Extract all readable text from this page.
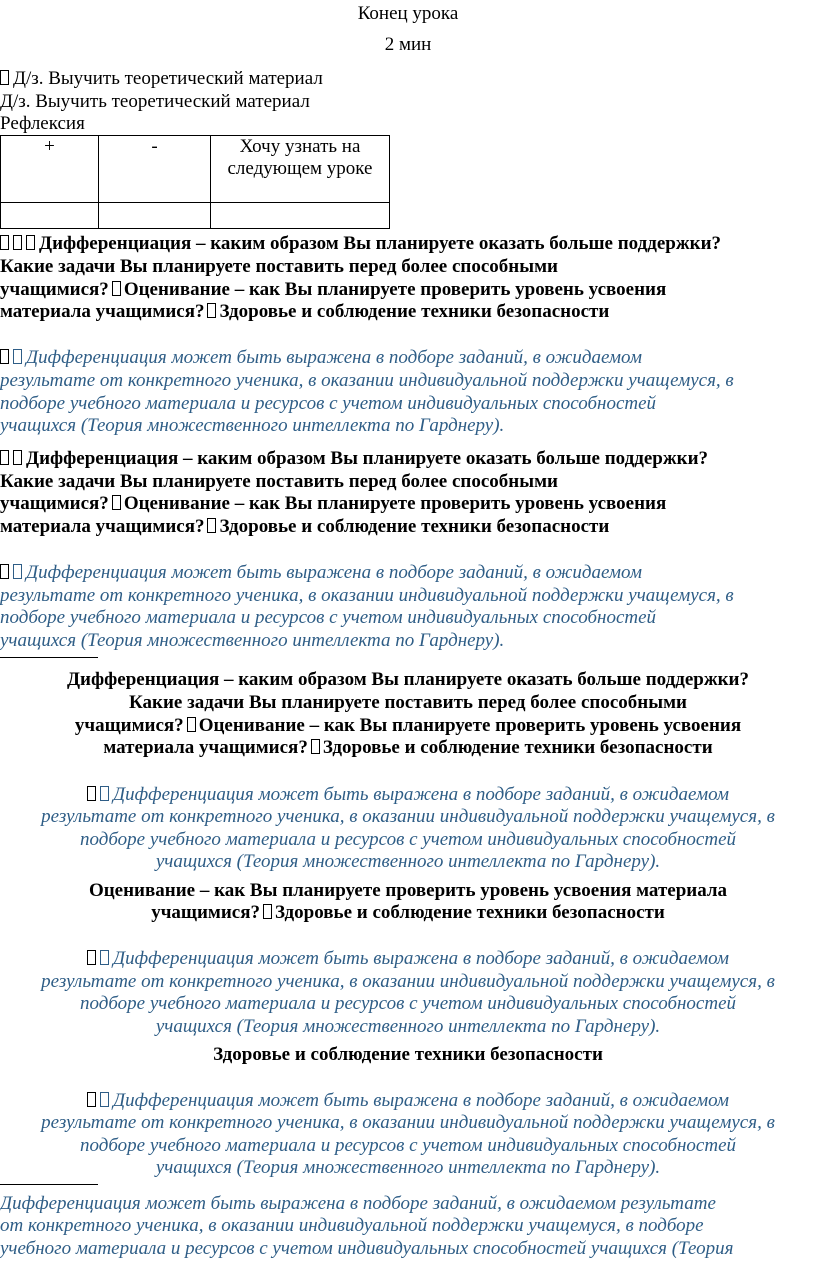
Конец урока
2 мин
Д/з. Выучить теоретический материал
Д/з. Выучить теоретический материал
Рефлексия
+	-	Хочу узнать на следующем уроке

Дифференциация – каким образом Вы планируете оказать больше поддержки?
Какие задачи Вы планируете поставить перед более способными
учащимися? Оценивание – как Вы планируете проверить уровень усвоения
материала учащимися? Здоровье и соблюдение техники безопасности
Дифференциация может быть выражена в подборе заданий, в ожидаемом
результате от конкретного ученика, в оказании индивидуальной поддержки учащемуся, в
подборе учебного материала и ресурсов с учетом индивидуальных способностей
учащихся (Теория множественного интеллекта по Гарднеру).
Дифференциация – каким образом Вы планируете оказать больше поддержки?
Какие задачи Вы планируете поставить перед более способными
учащимися? Оценивание – как Вы планируете проверить уровень усвоения
материала учащимися? Здоровье и соблюдение техники безопасности
Дифференциация может быть выражена в подборе заданий, в ожидаемом
результате от конкретного ученика, в оказании индивидуальной поддержки учащемуся, в
подборе учебного материала и ресурсов с учетом индивидуальных способностей
учащихся (Теория множественного интеллекта по Гарднеру).
Дифференциация – каким образом Вы планируете оказать больше поддержки?
Какие задачи Вы планируете поставить перед более способными
учащимися? Оценивание – как Вы планируете проверить уровень усвоения
материала учащимися? Здоровье и соблюдение техники безопасности
Дифференциация может быть выражена в подборе заданий, в ожидаемом
результате от конкретного ученика, в оказании индивидуальной поддержки учащемуся, в
подборе учебного материала и ресурсов с учетом индивидуальных способностей
учащихся (Теория множественного интеллекта по Гарднеру).
Оценивание – как Вы планируете проверить уровень усвоения материала
учащимися? Здоровье и соблюдение техники безопасности
Дифференциация может быть выражена в подборе заданий, в ожидаемом
результате от конкретного ученика, в оказании индивидуальной поддержки учащемуся, в
подборе учебного материала и ресурсов с учетом индивидуальных способностей
учащихся (Теория множественного интеллекта по Гарднеру).
Здоровье и соблюдение техники безопасности
Дифференциация может быть выражена в подборе заданий, в ожидаемом
результате от конкретного ученика, в оказании индивидуальной поддержки учащемуся, в
подборе учебного материала и ресурсов с учетом индивидуальных способностей
учащихся (Теория множественного интеллекта по Гарднеру).
Дифференциация может быть выражена в подборе заданий, в ожидаемом результате
от конкретного ученика, в оказании индивидуальной поддержки учащемуся, в подборе
учебного материала и ресурсов с учетом индивидуальных способностей учащихся (Теория
